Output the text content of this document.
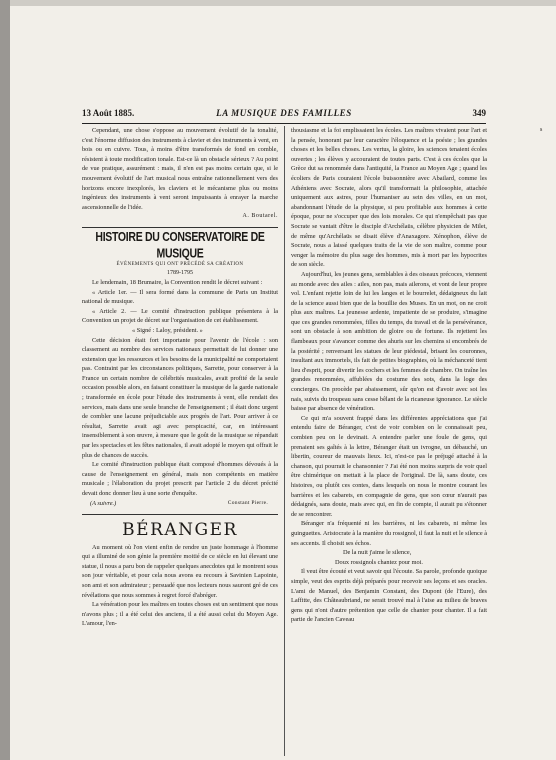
13 Août 1885.	LA MUSIQUE DES FAMILLES	349
s

Cependant, une chose s'oppose au mouvement évolutif de la tonalité, c'est l'énorme diffusion des instruments à clavier et des instruments à vent, en bois ou en cuivre. Tous, à moins d'être transformés de fond en comble, résistent à toute modification tonale. Est-ce là un obstacle sérieux ? Au point de vue pratique, assurément : mais, il n'en est pas moins certain que, si le mouvement évolutif de l'art musical nous entraîne rationnellement vers des horizons encore inexplorés, les claviers et le mécanisme plus ou moins ingénieux des instruments à vent seront impuissants à enrayer la marche ascensionnelle de l'idée.

A. Boutarel.

HISTOIRE DU CONSERVATOIRE DE MUSIQUE

ÉVÉNEMENTS QUI ONT PRÉCÉDÉ SA CRÉATION

1789-1795

Le lendemain, 18 Brumaire, la Convention rendit le décret suivant :

« Article 1er. — Il sera formé dans la commune de Paris un Institut national de musique.

« Article 2. — Le comité d'instruction publique présentera à la Convention un projet de décret sur l'organisation de cet établissement.

« Signé : Laloy, président. »

Cette décision était fort importante pour l'avenir de l'école : son classement au nombre des services nationaux permettait de lui donner une extension que les ressources et les besoins de la municipalité ne comportaient pas. Contraint par les circonstances politiques, Sarrette, pour conserver à la France un certain nombre de célébrités musicales, avait profité de la seule occasion possible alors, en faisant constituer la musique de la garde nationale ; transformée en école pour l'étude des instruments à vent, elle rendait des services, mais dans une seule branche de l'enseignement ; il était donc urgent de combler une lacune préjudiciable aux progrès de l'art. Pour arriver à ce résultat, Sarrette avait agi avec perspicacité, car, en intéressant insensiblement à son œuvre, à mesure que le goût de la musique se répandait par les spectacles et les fêtes nationales, il avait adopté le moyen qui offrait le plus de chances de succès.

Le comité d'instruction publique était composé d'hommes dévoués à la cause de l'enseignement en général, mais non compétents en matière musicale ; l'élaboration du projet prescrit par l'article 2 du décret précité devait donc donner lieu à une sorte d'enquête.

(A suivre.)	Constant Pierre.

BÉRANGER

Au moment où l'on vient enfin de rendre un juste hommage à l'homme qui a illuminé de son génie la première moitié de ce siècle en lui élevant une statue, il nous a paru bon de rappeler quelques anecdotes qui le montrent sous son jour véritable, et pour cela nous avons eu recours à Savinien Lapointe, son ami et son admirateur ; persuadé que nos lecteurs nous sauront gré de ces révélations que nous sommes à regret forcé d'abréger.

La vénération pour les maîtres en toutes choses est un sentiment que nous n'avons plus ; il a été celui des anciens, il a été aussi celui du Moyen Age. L'amour, l'en-

thousiasme et la foi emplissaient les écoles. Les maîtres vivaient pour l'art et la pensée, honorant par leur caractère l'éloquence et la poésie ; les grandes choses et les belles choses. Les vertus, la gloire, les sciences tenaient écoles ouvertes ; les élèves y accouraient de toutes parts. C'est à ces écoles que la Grèce dut sa renommée dans l'antiquité, la France au Moyen Age ; quand les écoliers de Paris couraient l'école buissonnière avec Abailard, comme les Athéniens avec Socrate, alors qu'il transformait la philosophie, attachée uniquement aux astres, pour l'humaniser au sein des villes, en un mot, abandonnant l'étude de la physique, si peu profitable aux hommes à cette époque, pour ne s'occuper que des lois morales. Ce qui n'empêchait pas que Socrate se vantait d'être le disciple d'Archélaüs, célèbre physicien de Milet, de même qu'Archélaüs se disait élève d'Anaxagore. Xénophon, élève de Socrate, nous a laissé quelques traits de la vie de son maître, comme pour venger la mémoire du plus sage des hommes, mis à mort par les hypocrites de son siècle.

Aujourd'hui, les jeunes gens, semblables à des oiseaux précoces, viennent au monde avec des ailes : ailes, non pas, mais ailerons, et vont de leur propre vol. L'enfant rejette loin de lui les langes et le bourrelet, dédaigneux du lait de la science aussi bien que de la bouillie des Muses. En un mot, on ne croit plus aux maîtres. La jeunesse ardente, impatiente de se produire, s'imagine que ces grandes renommées, filles du temps, du travail et de la persévérance, sont un obstacle à son ambition de gloire ou de fortune. Ils rejettent les flambeaux pour s'avancer comme des ahuris sur les chemins si encombrés de la postérité ; renversant les statues de leur piédestal, brisant les couronnes, insultant aux immortels, ils fait de petites biographies, où la méchanceté tient lieu d'esprit, pour divertir les cochers et les femmes de chambre. On traîne les grandes renommées, affublées du costume des sots, dans la loge des concierges. On procède par abaissement, sûr qu'on est d'avoir avec soi les nais, suivis du troupeau sans cesse bêlant de la ricaneuse ignorance. Le siècle baisse par absence de vénération.

Ce qui m'a souvent frappé dans les différentes appréciations que j'ai entendu faire de Béranger, c'est de voir combien on le connaissait peu, combien peu on le devinait. A entendre parler une foule de gens, qui prenaient ses gaîtés à la lettre, Béranger était un ivrogne, un débauché, un libertin, coureur de mauvais lieux. Ici, n'est-ce pas le préjugé attaché à la chanson, qui pourrait le chansonnier ? J'ai été non moins surpris de voir quel être chimérique on mettait à la place de l'original. De là, sans doute, ces histoires, ou plutôt ces contes, dans lesquels on nous le montre courant les barrières et les cabarets, en compagnie de gens, que son cœur n'aurait pas dédaignés, sans doute, mais avec qui, en fin de compte, il aurait pu s'étonner de se rencontrer.

Béranger n'a fréquenté ni les barrières, ni les cabarets, ni même les guinguettes. Aristocrate à la manière du rossignol, il faut la nuit et le silence à ses accents. Il choisit ses échos.

De la nuit j'aime le silence,

Doux rossignols chantez pour moi.

Il veut être écouté et veut savoir qui l'écoute. Sa parole, profonde quoique simple, veut des esprits déjà préparés pour recevoir ses leçons et ses oracles. L'ami de Manuel, des Benjamin Constant, des Dupont (de l'Eure), des Laffitte, des Châteaubriand, ne serait trouvé mal à l'aise au milieu de braves gens qui n'ont d'autre prétention que celle de chanter pour chanter. Il a fait partie de l'ancien Caveau
